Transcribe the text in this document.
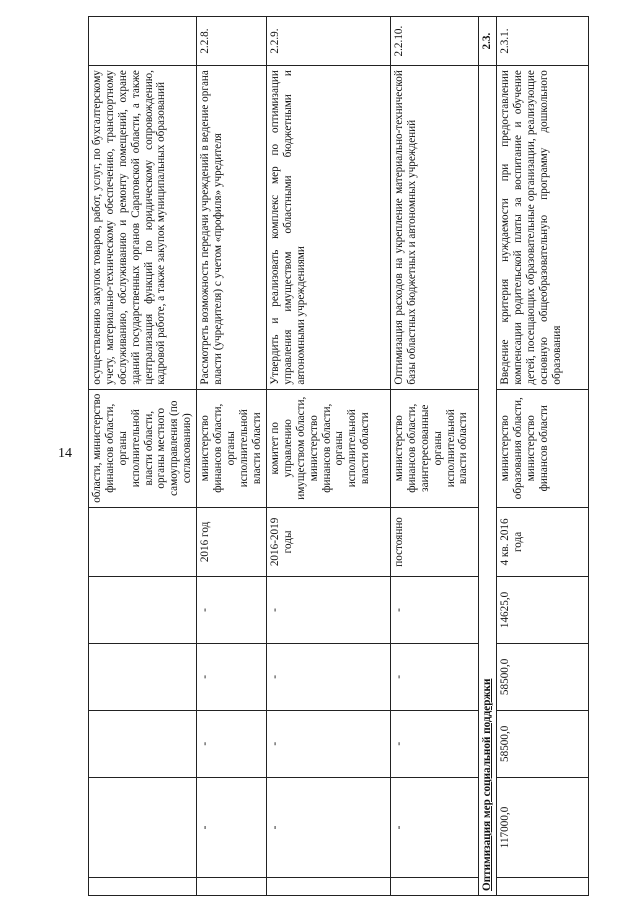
14
						области, министерство финансов области, органы исполнительной власти области, органы местного самоуправления (по согласованию)	осуществлению закупок товаров, работ, услуг, по бухгалтерскому учету, материально-техническому обеспечению, транспортному обслуживанию, обслуживанию и ремонту помещений, охране зданий государственных органов Саратовской области, а также централизация функций по юридическому сопровождению, кадровой работе, а также закупок муниципальных образований	
	-	-	-	-	2016 год	министерство финансов области, органы исполнительной власти области	Рассмотреть возможность передачи учреждений в ведение органа власти (учредителя) с учетом «профиля» учредителя	2.2.8.
	-	-	-	-	2016-2019 годы	комитет по управлению имуществом области, министерство финансов области, органы исполнительной власти области	Утвердить и реализовать комплекс мер по оптимизации управления имуществом областными бюджетными и автономными учреждениями	2.2.9.
	-	-	-	-	постоянно	министерство финансов области, заинтересованные органы исполнительной власти области	Оптимизация расходов на укрепление материально-технической базы областных бюджетных и автономных учреждений	2.2.10.
Оптимизация мер социальной поддержки								2.3.
	117000,0	58500,0	58500,0	14625,0	4 кв. 2016 года	министерство образования области, министерство финансов области	Введение критерия нуждаемости при предоставлении компенсации родительской платы за воспитание и обучение детей, посещающих образовательные организации, реализующие основную общеобразовательную программу дошкольного образования	2.3.1.
